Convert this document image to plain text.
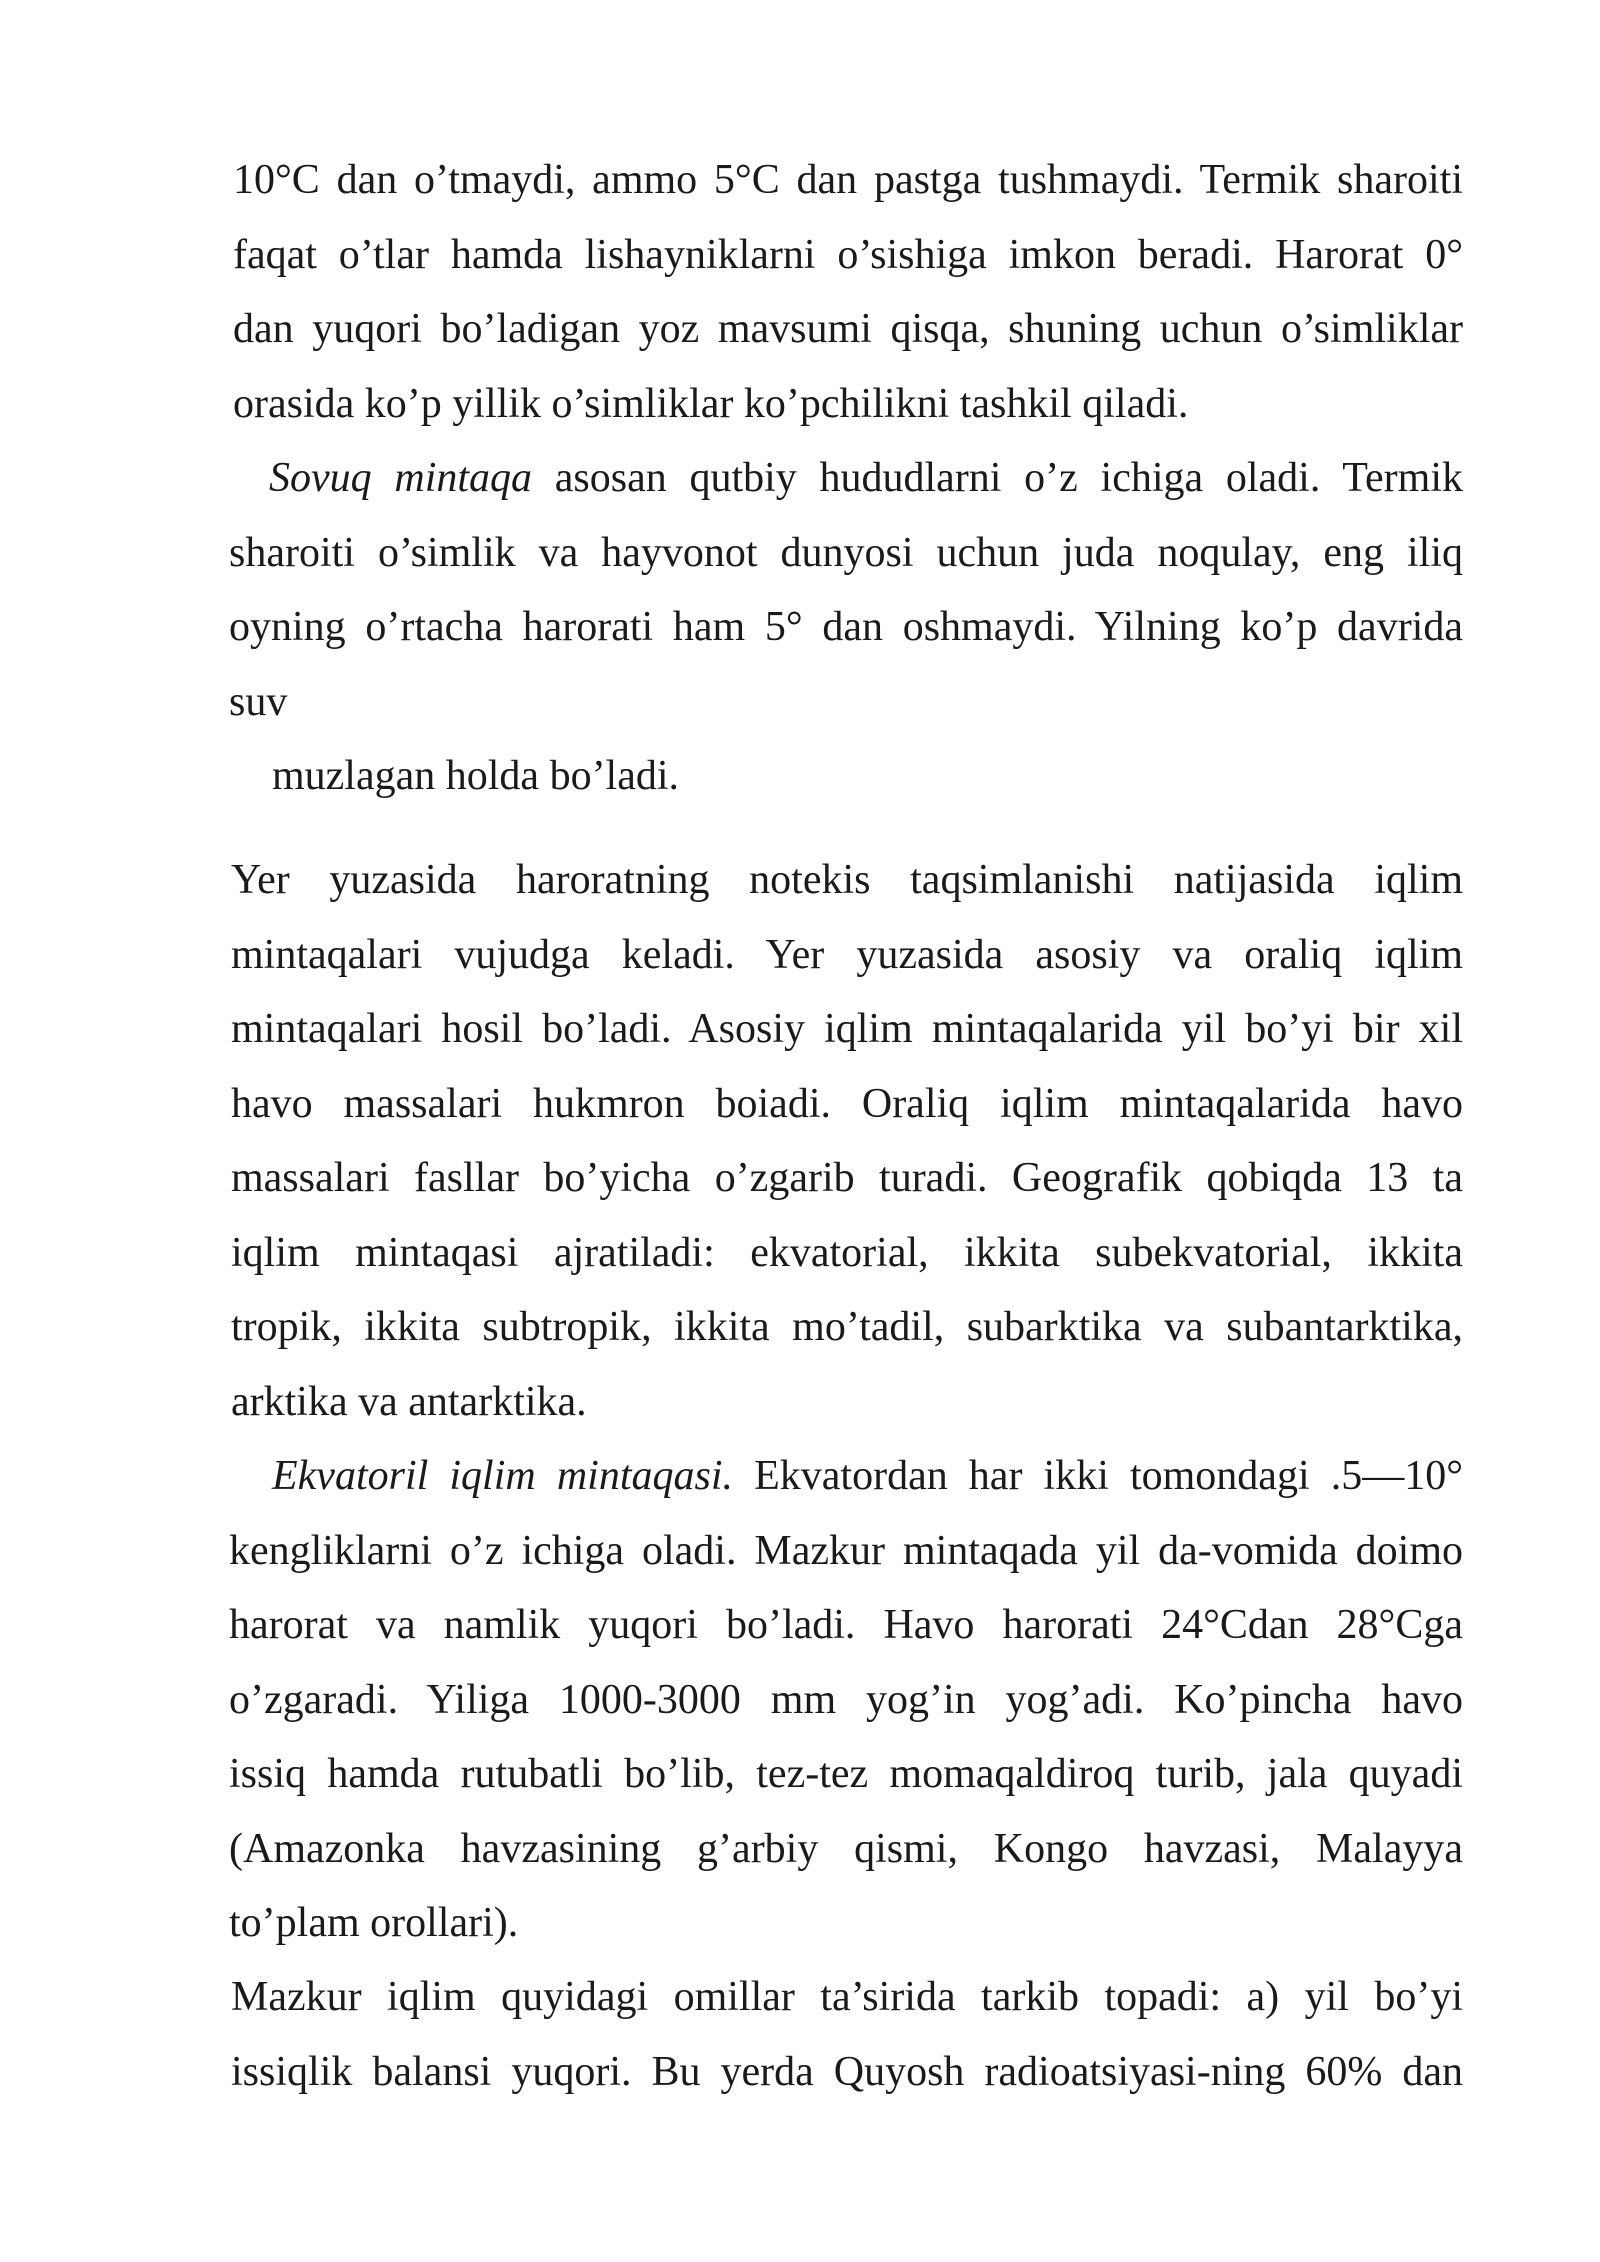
10°C dan o’tmaydi, ammo 5°C dan pastga tushmaydi. Termik sharoiti
faqat o’tlar hamda lishayniklarni o’sishiga imkon beradi. Harorat 0°
dan yuqori bo’ladigan yoz mavsumi qisqa, shuning uchun o’simliklar
orasida ko’p yillik o’simliklar ko’pchilikni tashkil qiladi.
Sovuq mintaqa asosan qutbiy hududlarni o’z ichiga oladi. Termik
sharoiti o’simlik va hayvonot dunyosi uchun juda noqulay, eng iliq
oyning o’rtacha harorati ham 5° dan oshmaydi. Yilning ko’p davrida
suv
muzlagan holda bo’ladi.
Yer yuzasida haroratning notekis taqsimlanishi natijasida iqlim
mintaqalari vujudga keladi. Yer yuzasida asosiy va oraliq iqlim
mintaqalari hosil bo’ladi. Asosiy iqlim mintaqalarida yil bo’yi bir xil
havo massalari hukmron boiadi. Oraliq iqlim mintaqalarida havo
massalari fasllar bo’yicha o’zgarib turadi. Geografik qobiqda 13 ta
iqlim mintaqasi ajratiladi: ekvatorial, ikkita subekvatorial, ikkita
tropik, ikkita subtropik, ikkita mo’tadil, subarktika va subantarktika,
arktika va antarktika.
Ekvatoril iqlim mintaqasi. Ekvatordan har ikki tomondagi .5—10°
kengliklarni o’z ichiga oladi. Mazkur mintaqada yil da-vomida doimo
harorat va namlik yuqori bo’ladi. Havo harorati 24°Cdan 28°Cga
o’zgaradi. Yiliga 1000-3000 mm yog’in yog’adi. Ko’pincha havo
issiq hamda rutubatli bo’lib, tez-tez momaqaldiroq turib, jala quyadi
(Amazonka havzasining g’arbiy qismi, Kongo havzasi, Malayya
to’plam orollari).
Mazkur iqlim quyidagi omillar ta’sirida tarkib topadi: a) yil bo’yi
issiqlik balansi yuqori. Bu yerda Quyosh radioatsiyasi-ning 60% dan
